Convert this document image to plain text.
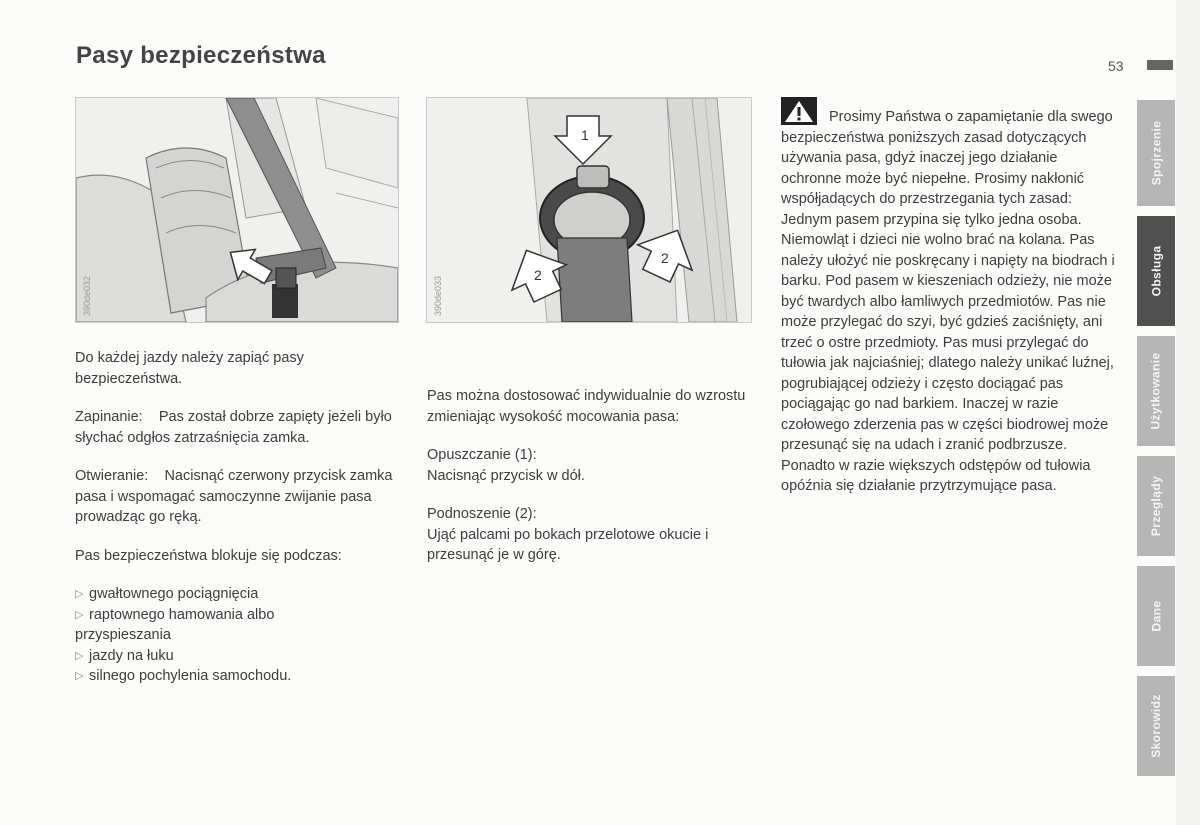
Pasy bezpieczeństwa	53
390de032
1
2
2
390de033

Do każdej jazdy należy zapiąć pasy bezpieczeństwa.

Zapinanie:    Pas został dobrze zapięty jeżeli było słychać odgłos zatrzaśnięcia zamka.

Otwieranie:    Nacisnąć czerwony przycisk zamka pasa i wspomagać samoczynne zwijanie pasa prowadząc go ręką.

Pas bezpieczeństwa blokuje się podczas:

▷ gwałtownego pociągnięcia
▷ raptownego hamowania albo
przyspieszania
▷ jazdy na łuku
▷ silnego pochylenia samochodu.

Pas można dostosować indywidualnie do wzrostu zmieniając wysokość mocowania pasa:

Opuszczanie (1):

Nacisnąć przycisk w dół.

Podnoszenie (2):

Ująć palcami po bokach przelotowe okucie i przesunąć je w górę.

Prosimy Państwa o zapamiętanie dla swego bezpieczeństwa poniższych zasad dotyczących używania pasa, gdyż inaczej jego działanie ochronne może być niepełne. Prosimy nakłonić współjadących do przestrzegania tych zasad:

Jednym pasem przypina się tylko jedna osoba. Niemowląt i dzieci nie wolno brać na kolana. Pas należy ułożyć nie poskręcany i napięty na biodrach i barku. Pod pasem w kieszeniach odzieży, nie może być twardych albo łamliwych przedmiotów. Pas nie może przylegać do szyi, być gdzieś zaciśnięty, ani trzeć o ostre przedmioty. Pas musi przylegać do tułowia jak najciaśniej; dlatego należy unikać luźnej, pogrubiającej odzieży i często dociągać pas pociągając go nad barkiem. Inaczej w razie czołowego zderzenia pas w części biodrowej może przesunąć się na udach i zranić podbrzusze. Ponadto w razie większych odstępów od tułowia opóźnia się działanie przytrzymujące pasa.

Spojrzenie
Obsługa
Użytkowanie
Przeglądy
Dane
Skorowidz
